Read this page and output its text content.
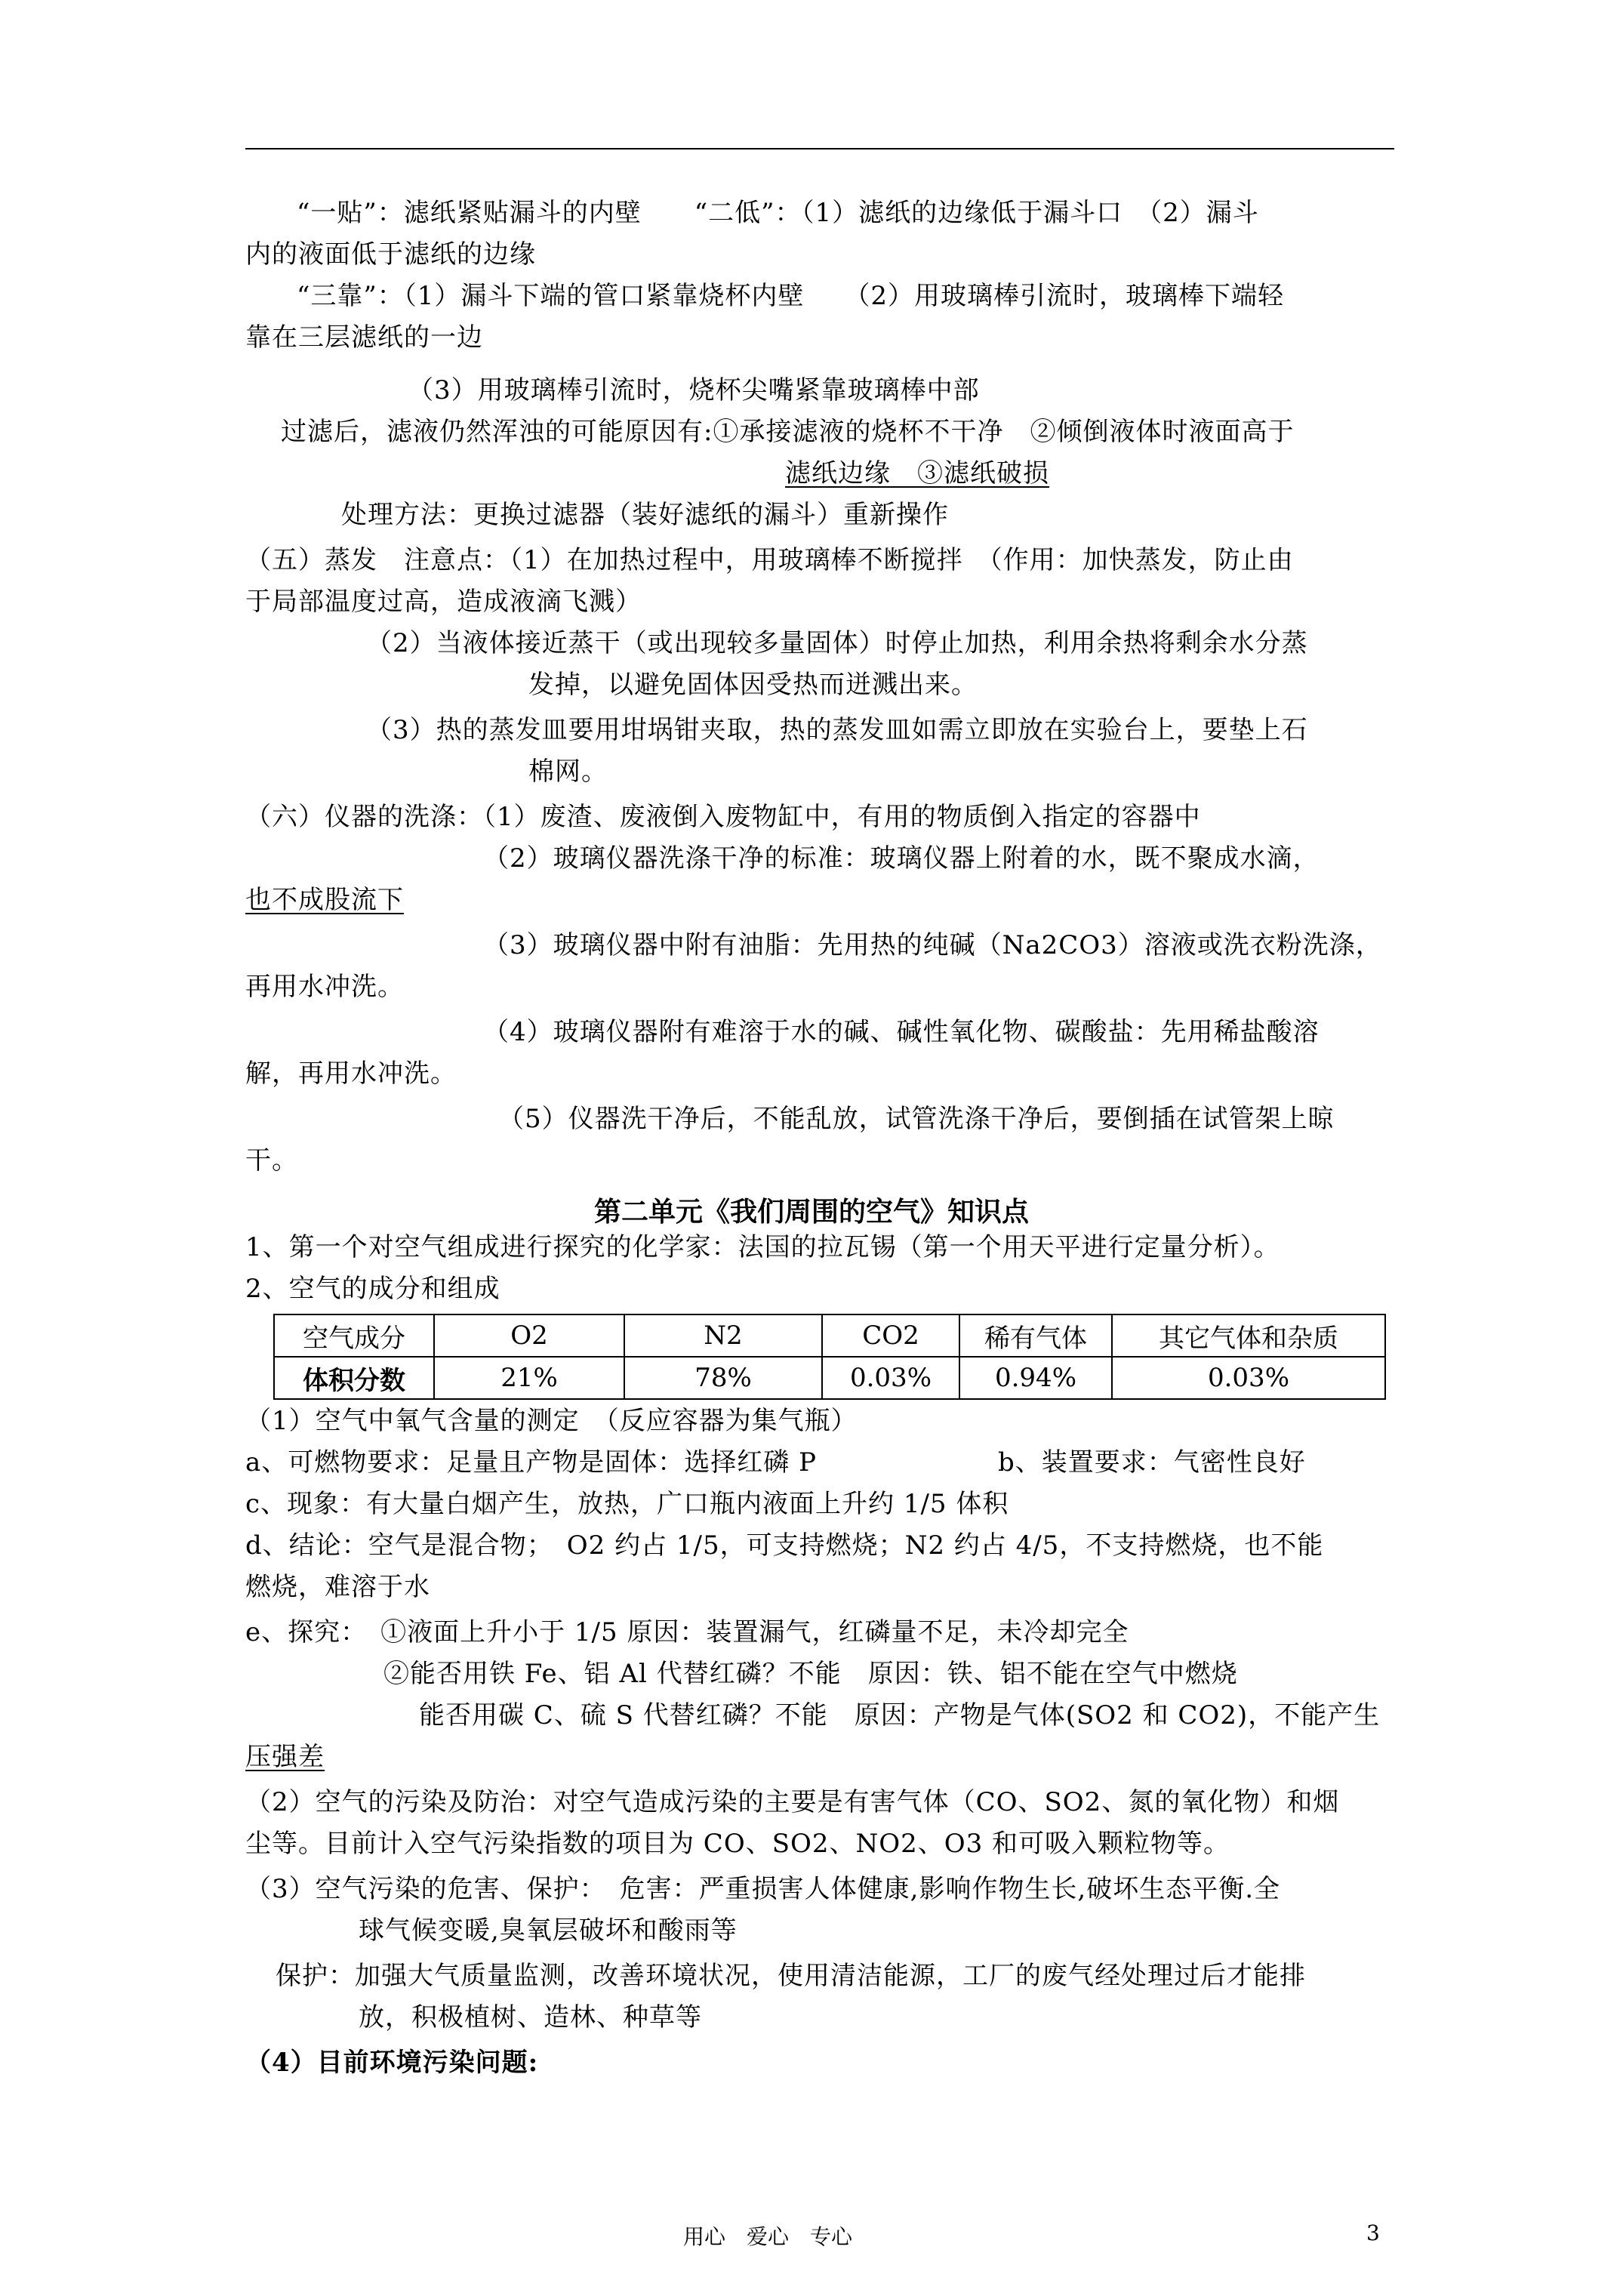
“一贴”：滤纸紧贴漏斗的内壁　　“二低”：（1）滤纸的边缘低于漏斗口　（2）漏斗
内的液面低于滤纸的边缘
“三靠”：（1）漏斗下端的管口紧靠烧杯内壁　　（2）用玻璃棒引流时，玻璃棒下端轻
靠在三层滤纸的一边
（3）用玻璃棒引流时，烧杯尖嘴紧靠玻璃棒中部
过滤后，滤液仍然浑浊的可能原因有:①承接滤液的烧杯不干净　②倾倒液体时液面高于
滤纸边缘　③滤纸破损
处理方法：更换过滤器（装好滤纸的漏斗）重新操作
（五）蒸发　注意点：（1）在加热过程中，用玻璃棒不断搅拌　（作用：加快蒸发，防止由
于局部温度过高，造成液滴飞溅）
（2）当液体接近蒸干（或出现较多量固体）时停止加热，利用余热将剩余水分蒸
发掉，以避免固体因受热而迸溅出来。
（3）热的蒸发皿要用坩埚钳夹取，热的蒸发皿如需立即放在实验台上，要垫上石
棉网。
（六）仪器的洗涤：（1）废渣、废液倒入废物缸中，有用的物质倒入指定的容器中
（2）玻璃仪器洗涤干净的标准：玻璃仪器上附着的水，既不聚成水滴，
也不成股流下
（3）玻璃仪器中附有油脂：先用热的纯碱（Na2CO3）溶液或洗衣粉洗涤，
再用水冲洗。
（4）玻璃仪器附有难溶于水的碱、碱性氧化物、碳酸盐：先用稀盐酸溶
解，再用水冲洗。
（5）仪器洗干净后，不能乱放，试管洗涤干净后，要倒插在试管架上晾
干。
第二单元《我们周围的空气》知识点
1、第一个对空气组成进行探究的化学家：法国的拉瓦锡（第一个用天平进行定量分析）。
2、空气的成分和组成
空气成分	O2	N2	CO2	稀有气体	其它气体和杂质
体积分数	21%	78%	0.03%	0.94%	0.03%
（1）空气中氧气含量的测定　（反应容器为集气瓶）
a、可燃物要求：足量且产物是固体：选择红磷 P	b、装置要求：气密性良好
c、现象：有大量白烟产生，放热，广口瓶内液面上升约 1/5 体积
d、结论：空气是混合物；　O2 约占 1/5，可支持燃烧；N2 约占 4/5，不支持燃烧，也不能
燃烧，难溶于水
e、探究：　①液面上升小于 1/5 原因：装置漏气，红磷量不足，未冷却完全
②能否用铁 Fe、铝 Al 代替红磷？不能　原因：铁、铝不能在空气中燃烧
能否用碳 C、硫 S 代替红磷？不能　原因：产物是气体(SO2 和 CO2)，不能产生
压强差
（2）空气的污染及防治：对空气造成污染的主要是有害气体（CO、SO2、氮的氧化物）和烟
尘等。目前计入空气污染指数的项目为 CO、SO2、NO2、O3 和可吸入颗粒物等。
（3）空气污染的危害、保护：　危害：严重损害人体健康,影响作物生长,破坏生态平衡.全
球气候变暖,臭氧层破坏和酸雨等
保护：加强大气质量监测，改善环境状况，使用清洁能源，工厂的废气经处理过后才能排
放，积极植树、造林、种草等
（4）目前环境污染问题:
用心　爱心　专心	3
